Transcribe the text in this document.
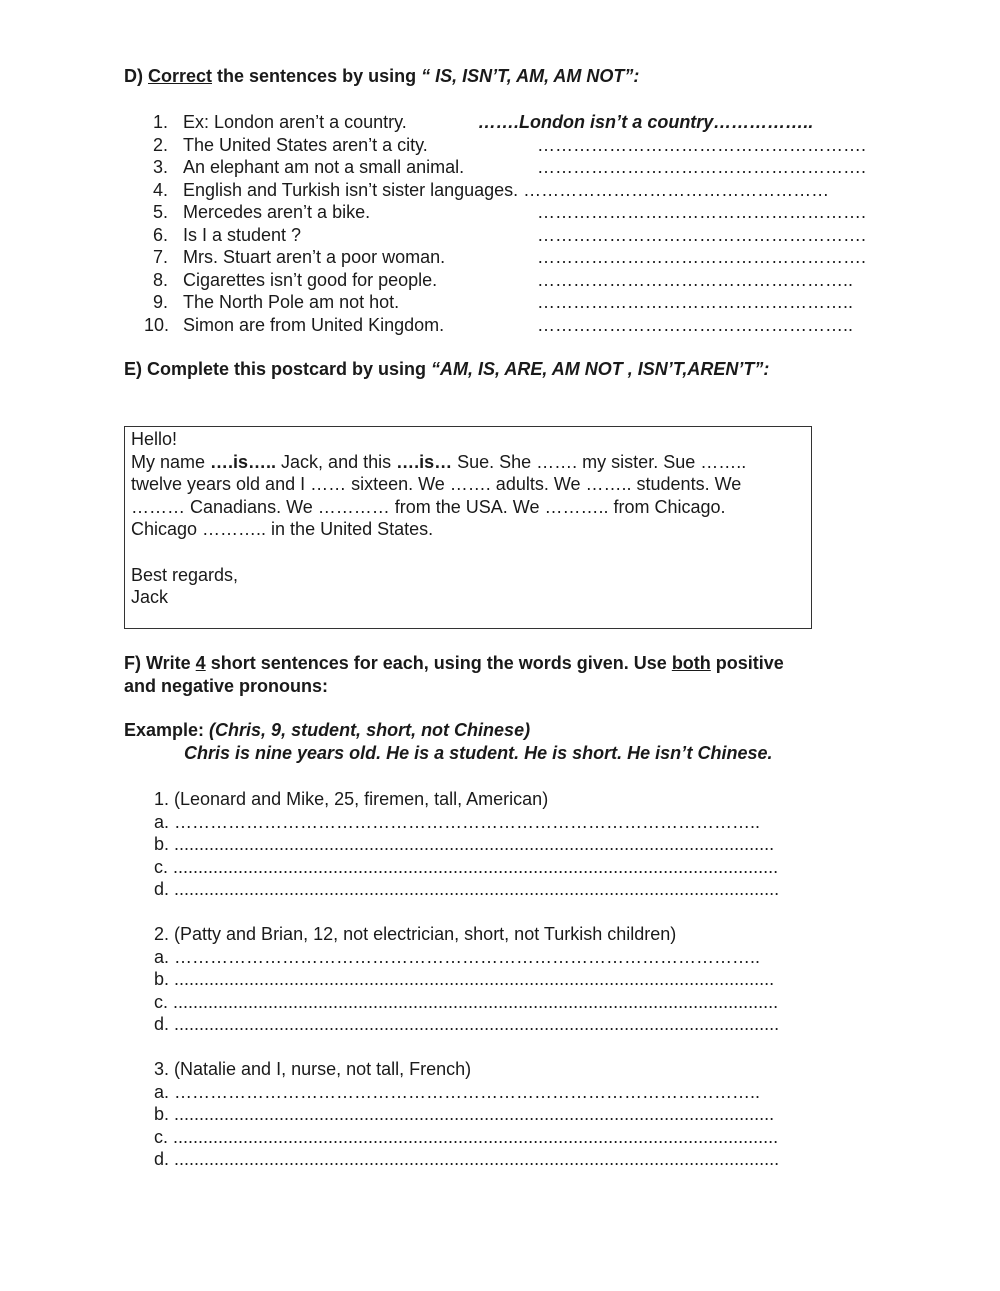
D) Correct the sentences by using “ IS, ISN’T, AM, AM NOT”:
1. Ex: London aren’t a country.	…….London isn’t a country……………..
2. The United States aren’t a city.	……………………………………………….
3. An elephant am not a small animal.	……………………………………………….
4. English and Turkish isn’t sister languages. ……………………………………………
5. Mercedes aren’t a bike.	……………………………………………….
6. Is I a student ?	……………………………………………….
7. Mrs. Stuart aren’t a poor woman.	……………………………………………….
8. Cigarettes isn’t good for people.	……………………………………………..
9. The North Pole am not hot.	……………………………………………..
10. Simon are from United Kingdom.	……………………………………………..
E) Complete this postcard by using “AM, IS, ARE, AM NOT , ISN’T,AREN’T”:
Hello!
My name ….is….. Jack, and this ….is… Sue. She ……. my sister. Sue ……..
twelve years old and I …… sixteen. We ……. adults. We …….. students. We
……… Canadians. We ………… from the USA. We ……….. from Chicago.
Chicago ……….. in the United States.
Best regards,
Jack
F) Write 4 short sentences for each, using the words given. Use both positive
and negative pronouns:
Example: (Chris, 9, student, short, not Chinese)
Chris is nine years old. He is a student. He is short. He isn’t Chinese.
1. (Leonard and Mike, 25, firemen, tall, American)
a. ……………………………………………………………………………………..
b. ........................................................................................................................
c. .........................................................................................................................
d. .........................................................................................................................
2. (Patty and Brian, 12, not electrician, short, not Turkish children)
a. ……………………………………………………………………………………..
b. ........................................................................................................................
c. .........................................................................................................................
d. .........................................................................................................................
3. (Natalie and I, nurse, not tall, French)
a. ……………………………………………………………………………………..
b. ........................................................................................................................
c. .........................................................................................................................
d. .........................................................................................................................
